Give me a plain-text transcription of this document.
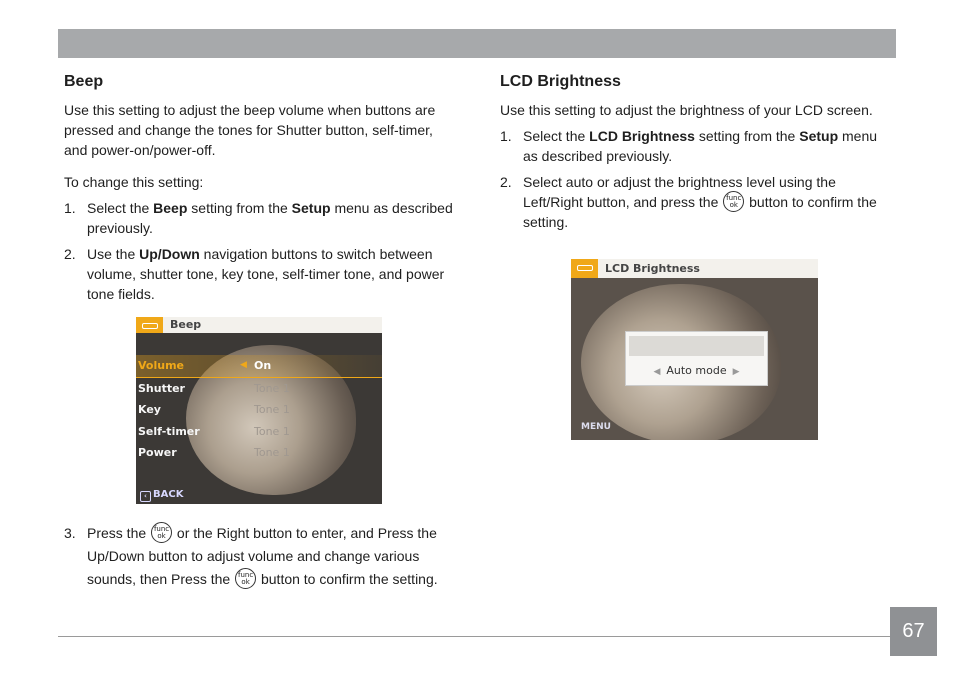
Beep

Use this setting to adjust the beep volume when buttons are pressed and change the tones for Shutter button, self-timer, and power-on/power-off.

To change this setting:

1. Select the Beep setting from the Setup menu as described previously.
2. Use the Up/Down navigation buttons to switch between volume, shutter tone, key tone, self-timer tone, and power tone fields.
Beep
Volume	◀ On
Shutter	Tone 1
Key	Tone 1
Self-timer	Tone 1
Power	Tone 1
‹ BACK
3. Press the func
ok or the Right button to enter, and Press the Up/Down button to adjust volume and change various sounds, then Press the func
ok button to confirm the setting.
LCD Brightness

Use this setting to adjust the brightness of your LCD screen.

1. Select the LCD Brightness setting from the Setup menu as described previously.
2. Select auto or adjust the brightness level using the Left/Right button, and press the func
ok button to confirm the setting.
LCD Brightness
◀ Auto mode ▶
MENU
67
